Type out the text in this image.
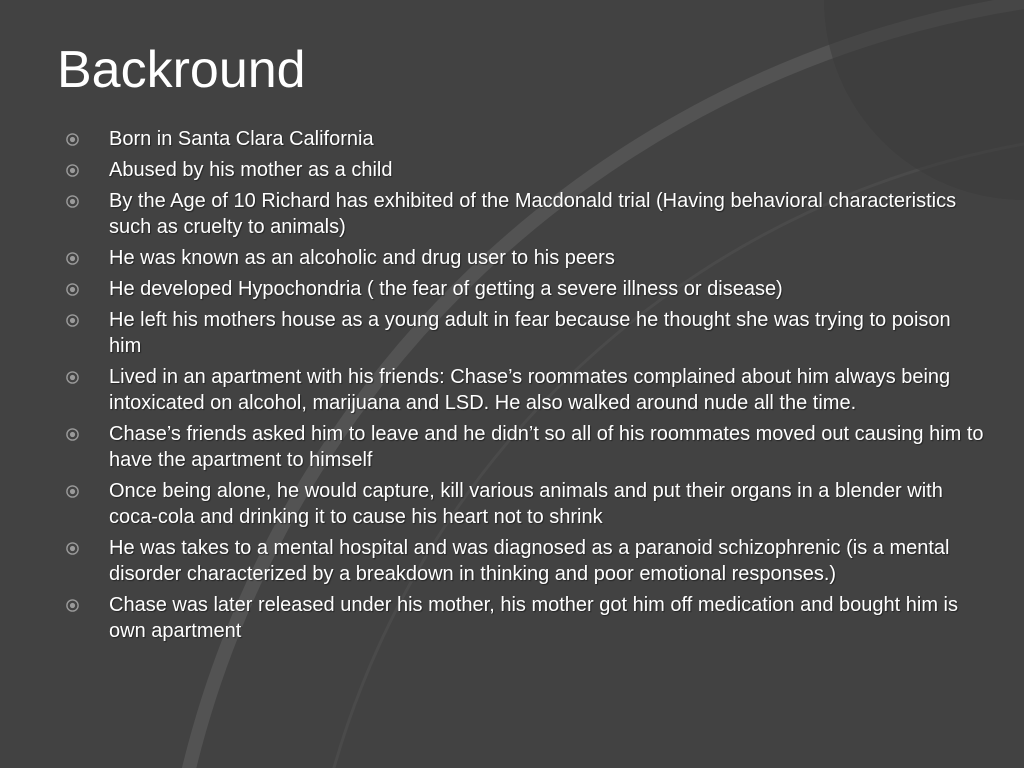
Backround
Born in Santa Clara California
Abused by his mother as a child
By the Age of 10 Richard has exhibited of the Macdonald trial (Having behavioral characteristics such as cruelty to animals)
He was known as an alcoholic and drug user to his peers
He developed Hypochondria ( the fear of getting a severe illness or disease)
He left his mothers house as a young adult in fear because he thought she was trying to poison him
Lived in an apartment with his friends: Chase’s roommates complained about him always being intoxicated on alcohol, marijuana and LSD. He also walked around nude all the time.
Chase’s friends asked him to leave and he didn’t so all of his roommates moved out causing him to have the apartment to himself
Once being alone, he would capture, kill various animals and put their organs in a blender with coca-cola and drinking it to cause his heart not to shrink
He was takes to a mental hospital and was diagnosed as a paranoid schizophrenic (is a mental disorder characterized by a breakdown in thinking and poor emotional responses.)
Chase was later released under his mother, his mother got him off medication and bought him is own apartment
